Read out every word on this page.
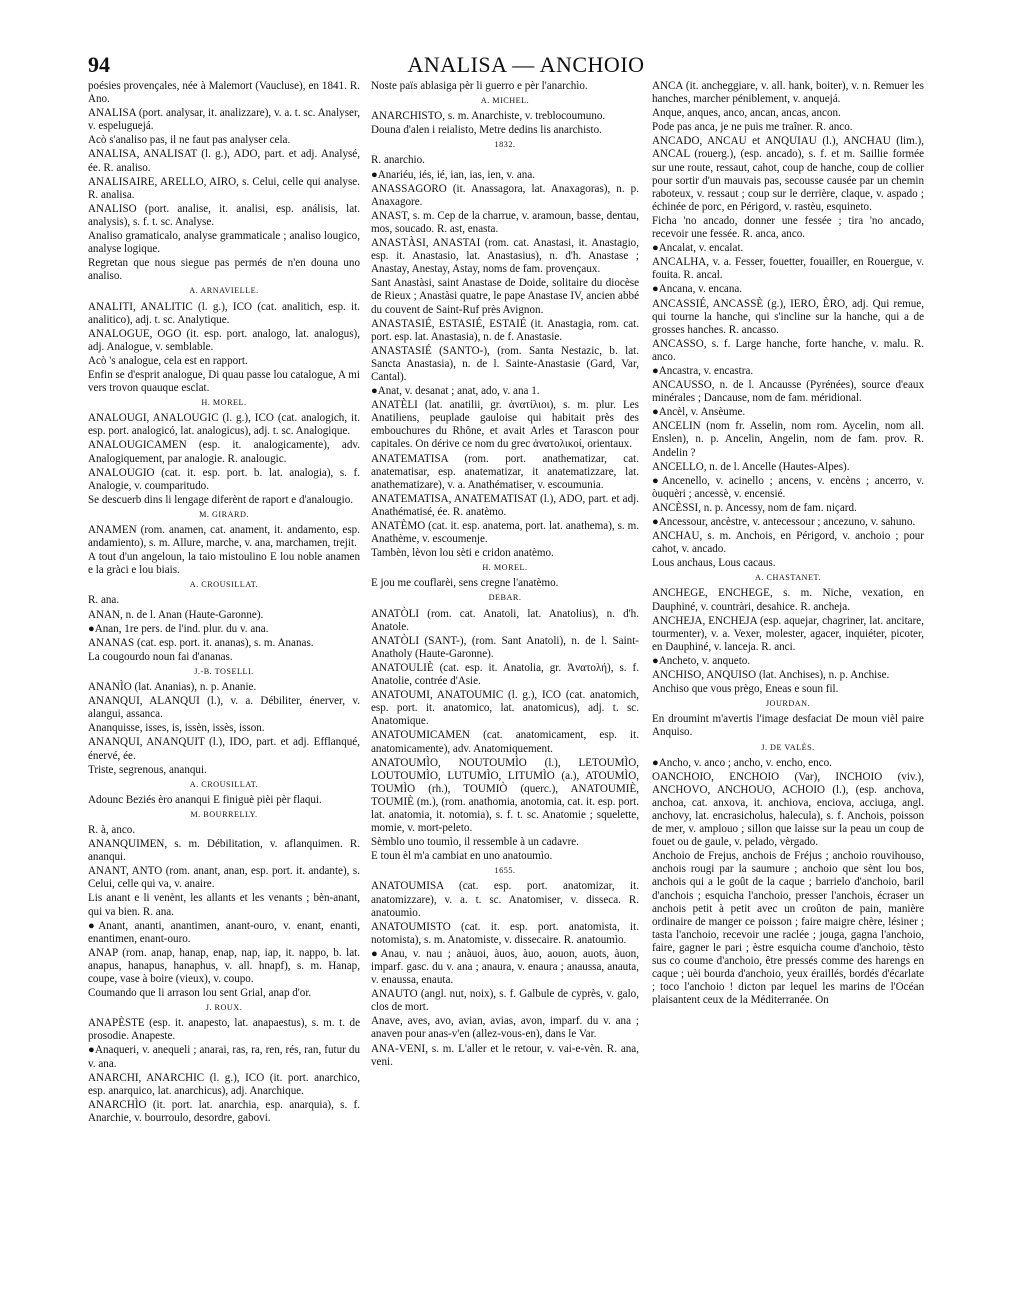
94	ANALISA — ANCHOIO

poésies provençales, née à Malemort (Vaucluse), en 1841. R. Ano.

ANALISA (port. analysar, it. analizzare), v. a. t. sc. Analyser, v. espeluguejá.

Acò s'analiso pas, il ne faut pas analyser cela.

ANALISA, ANALISAT (l. g.), ADO, part. et adj. Analysé, ée. R. analiso.

ANALISAIRE, ARELLO, AIRO, s. Celui, celle qui analyse. R. analisa.

ANALISO (port. analise, it. analisi, esp. análisis, lat. analysis), s. f. t. sc. Analyse.

Analiso gramaticalo, analyse grammaticale ; analiso lougico, analyse logique.

Regretan que nous siegue pas permés de n'en douna uno analiso.

A. ARNAVIELLE.

ANALITI, ANALITIC (l. g.), ICO (cat. analitich, esp. it. analitico), adj. t. sc. Analytique.

ANALOGUE, OGO (it. esp. port. analogo, lat. analogus), adj. Analogue, v. semblable.

Acò 's analogue, cela est en rapport.

Enfin se d'esprit analogue, Di quau passe lou catalogue, A mi vers trovon quauque esclat.

H. MOREL.

ANALOUGI, ANALOUGIC (l. g.), ICO (cat. analogich, it. esp. port. analogicó, lat. analogicus), adj. t. sc. Analogique.

ANALOUGICAMEN (esp. it. analogicamente), adv. Analogiquement, par analogie. R. analougic.

ANALOUGIO (cat. it. esp. port. b. lat. analogia), s. f. Analogie, v. coumparitudo.

Se descuerb dins li lengage diferènt de raport e d'analougio.

M. GIRARD.

ANAMEN (rom. anamen, cat. anament, it. andamento, esp. andamiento), s. m. Allure, marche, v. ana, marchamen, trejit.

A tout d'un angeloun, la taio mistoulino E lou noble anamen e la gràci e lou biais.

A. CROUSILLAT.

R. ana.

ANAN, n. de l. Anan (Haute-Garonne).

●Anan, 1re pers. de l'ind. plur. du v. ana.

ANANAS (cat. esp. port. it. ananas), s. m. Ananas.

La cougourdo noun fai d'ananas.

J.-B. TOSELLI.

ANANÌO (lat. Ananias), n. p. Ananie.

ANANQUI, ALANQUI (l.), v. a. Débiliter, énerver, v. alangui, assanca.

Ananquisse, isses, is, issèn, issès, isson.

ANANQUI, ANANQUIT (l.), IDO, part. et adj. Efflanqué, énervé, ée.

Triste, segrenous, ananqui.

A. CROUSILLAT.

Adounc Beziés èro ananqui E finiguè pièi pèr flaqui.

M. BOURRELLY.

R. à, anco.

ANANQUIMEN, s. m. Débilitation, v. aflanquimen. R. ananqui.

ANANT, ANTO (rom. anant, anan, esp. port. it. andante), s. Celui, celle qui va, v. anaire.

Lis anant e li venènt, les allants et les venants ; bèn-anant, qui va bien. R. ana.

●Anant, ananti, anantimen, anant-ouro, v. enant, enanti, enantimen, enant-ouro.

ANAP (rom. anap, hanap, enap, nap, iap, it. nappo, b. lat. anapus, hanapus, hanaphus, v. all. hnapf), s. m. Hanap, coupe, vase à boire (vieux), v. coupo.

Coumando que li arrason lou sent Grial, anap d'or.

J. ROUX.

ANAPÈSTE (esp. it. anapesto, lat. anapaestus), s. m. t. de prosodie. Anapeste.

●Anaqueri, v. anequeli ; anarai, ras, ra, ren, rés, ran, futur du v. ana.

ANARCHI, ANARCHIC (l. g.), ICO (it. port. anarchico, esp. anarquico, lat. anarchicus), adj. Anarchique.

ANARCHÌO (it. port. lat. anarchia, esp. anarquia), s. f. Anarchie, v. bourroulo, desordre, gabovi.

Noste païs ablasiga pèr li guerro e pèr l'anarchìo.

A. MICHEL.

ANARCHISTO, s. m. Anarchiste, v. treblocoumuno.

Douna d'alen i reialisto, Metre dedins lis anarchisto.

1832.

R. anarchio.

●Anariéu, iés, ié, ian, ias, ien, v. ana.

ANASSAGORO (it. Anassagora, lat. Anaxagoras), n. p. Anaxagore.

ANAST, s. m. Cep de la charrue, v. aramoun, basse, dentau, mos, soucado. R. ast, enasta.

ANASTÀSI, ANASTAI (rom. cat. Anastasi, it. Anastagio, esp. it. Anastasio, lat. Anastasius), n. d'h. Anastase ; Anastay, Anestay, Astay, noms de fam. provençaux.

Sant Anastàsi, saint Anastase de Doide, solitaire du diocèse de Rieux ; Anastàsi quatre, le pape Anastase IV, ancien abbé du couvent de Saint-Ruf près Avignon.

ANASTASIÉ, ESTASIÉ, ESTAIÉ (it. Anastagia, rom. cat. port. esp. lat. Anastasia), n. de f. Anastasie.

ANASTASIÉ (SANTO-), (rom. Santa Nestazic, b. lat. Sancta Anastasia), n. de l. Sainte-Anastasie (Gard, Var, Cantal).

●Anat, v. desanat ; anat, ado, v. ana 1.

ANATÈLI (lat. anatilii, gr. ἀνατίλιοι), s. m. plur. Les Anatiliens, peuplade gauloise qui habitait près des embouchures du Rhône, et avait Arles et Tarascon pour capitales. On dérive ce nom du grec ἀνατολικοί, orientaux.

ANATEMATISA (rom. port. anathematizar, cat. anatematisar, esp. anatematizar, it anatematizzare, lat. anathematizare), v. a. Anathématiser, v. escoumunia.

ANATEMATISA, ANATEMATISAT (l.), ADO, part. et adj. Anathématisé, ée. R. anatèmo.

ANATÈMO (cat. it. esp. anatema, port. lat. anathema), s. m. Anathème, v. escoumenje.

Tambèn, lèvon lou sèti e cridon anatèmo.

H. MOREL.

E jou me couflarèi, sens cregne l'anatèmo.

DEBAR.

ANATÒLI (rom. cat. Anatoli, lat. Anatolius), n. d'h. Anatole.

ANATÒLI (SANT-), (rom. Sant Anatoli), n. de l. Saint-Anatholy (Haute-Garonne).

ANATOULIÈ (cat. esp. it. Anatolia, gr. Ἀνατολή), s. f. Anatolie, contrée d'Asie.

ANATOUMI, ANATOUMIC (l. g.), ICO (cat. anatomich, esp. port. it. anatomico, lat. anatomicus), adj. t. sc. Anatomique.

ANATOUMICAMEN (cat. anatomicament, esp. it. anatomicamente), adv. Anatomiquement.

ANATOUMÌO, NOUTOUMÌO (l.), LETOUMÌO, LOUTOUMÌO, LUTUMÌO, LITUMÌO (a.), ATOUMÌO, TOUMÌO (rh.), TOUMIÒ (querc.), ANATOUMIÈ, TOUMIÈ (m.), (rom. anathomia, anotomia, cat. it. esp. port. lat. anatomia, it. notomia), s. f. t. sc. Anatomie ; squelette, momie, v. mort-peleto.

Sèmblo uno toumìo, il ressemble à un cadavre.

E toun èl m'a cambiat en uno anatoumìo.

1655.

ANATOUMISA (cat. esp. port. anatomizar, it. anatomizzare), v. a. t. sc. Anatomiser, v. disseca. R. anatoumìo.

ANATOUMISTO (cat. it. esp. port. anatomista, it. notomista), s. m. Anatomiste, v. dissecaire. R. anatoumìo.

●Anau, v. nau ; anàuoi, àuos, àuo, aouon, auots, àuon, imparf. gasc. du v. ana ; anaura, v. enaura ; anaussa, anauta, v. enaussa, enauta.

ANAUTO (angl. nut, noix), s. f. Galbule de cyprès, v. galo, clos de mort.

Anave, aves, avo, avian, avias, avon, imparf. du v. ana ; anaven pour anas-v'en (allez-vous-en), dans le Var.

ANA-VENI, s. m. L'aller et le retour, v. vai-e-vèn. R. ana, veni.

ANCA (it. ancheggiare, v. all. hank, boiter), v. n. Remuer les hanches, marcher péniblement, v. anquejá.

Anque, anques, anco, ancan, ancas, ancon.

Pode pas anca, je ne puis me traîner. R. anco.

ANCADO, ANCAU et ANQUIAU (l.), ANCHAU (lim.), ANCAL (rouerg.), (esp. ancado), s. f. et m. Saillie formée sur une route, ressaut, cahot, coup de hanche, coup de collier pour sortir d'un mauvais pas, secousse causée par un chemin raboteux, v. ressaut ; coup sur le derrière, claque, v. aspado ; échinée de porc, en Périgord, v. rastèu, esquineto.

Ficha 'no ancado, donner une fessée ; tira 'no ancado, recevoir une fessée. R. anca, anco.

●Ancalat, v. encalat.

ANCALHA, v. a. Fesser, fouetter, fouailler, en Rouergue, v. fouita. R. ancal.

●Ancana, v. encana.

ANCASSIÉ, ANCASSÈ (g.), IERO, ÈRO, adj. Qui remue, qui tourne la hanche, qui s'incline sur la hanche, qui a de grosses hanches. R. ancasso.

ANCASSO, s. f. Large hanche, forte hanche, v. malu. R. anco.

●Ancastra, v. encastra.

ANCAUSSO, n. de l. Ancausse (Pyrénées), source d'eaux minérales ; Dancause, nom de fam. méridional.

●Ancèl, v. Ansèume.

ANCELIN (nom fr. Asselin, nom rom. Aycelin, nom all. Enslen), n. p. Ancelin, Angelin, nom de fam. prov. R. Andelin ?

ANCELLO, n. de l. Ancelle (Hautes-Alpes).

●Ancenello, v. acinello ; ancens, v. encèns ; ancerro, v. òuquèri ; ancessè, v. encensié.

ANCÈSSI, n. p. Ancessy, nom de fam. niçard.

●Ancessour, ancèstre, v. antecessour ; ancezuno, v. sahuno.

ANCHAU, s. m. Anchois, en Périgord, v. anchoio ; pour cahot, v. ancado.

Lous anchaus, Lous cacaus.

A. CHASTANET.

ANCHEGE, ENCHEGE, s. m. Niche, vexation, en Dauphiné, v. countràri, desahice. R. ancheja.

ANCHEJA, ENCHEJA (esp. aquejar, chagriner, lat. ancitare, tourmenter), v. a. Vexer, molester, agacer, inquiéter, picoter, en Dauphiné, v. lanceja. R. anci.

●Ancheto, v. anqueto.

ANCHISO, ANQUISO (lat. Anchises), n. p. Anchise.

Anchiso que vous prègo, Eneas e soun fil.

JOURDAN.

En droumint m'avertis l'image desfaciat De moun vièl paire Anquiso.

J. DE VALÈS.

●Ancho, v. anco ; ancho, v. encho, enco.

OANCHOIO, ENCHOIO (Var), INCHOIO (viv.), ANCHOVO, ANCHOUO, ACHOIO (l.), (esp. anchova, anchoa, cat. anxova, it. anchiova, enciova, acciuga, angl. anchovy, lat. encrasicholus, halecula), s. f. Anchois, poisson de mer, v. amplouo ; sillon que laisse sur la peau un coup de fouet ou de gaule, v. pelado, vèrgado.

Anchoio de Frejus, anchois de Fréjus ; anchoio rouvihouso, anchois rougi par la saumure ; anchoio que sènt lou bos, anchois qui a le goût de la caque ; barrielo d'anchoio, baril d'anchois ; esquicha l'anchoio, presser l'anchois, écraser un anchois petit à petit avec un croûton de pain, manière ordinaire de manger ce poisson ; faire maigre chère, lésiner ; tasta l'anchoio, recevoir une raclée ; jouga, gagna l'anchoio, faire, gagner le pari ; èstre esquicha coume d'anchoio, tèsto sus co coume d'anchoio, être pressés comme des harengs en caque ; uèi bourda d'anchoio, yeux éraillés, bordés d'écarlate ; toco l'anchoio ! dicton par lequel les marins de l'Océan plaisantent ceux de la Méditerranée. On
